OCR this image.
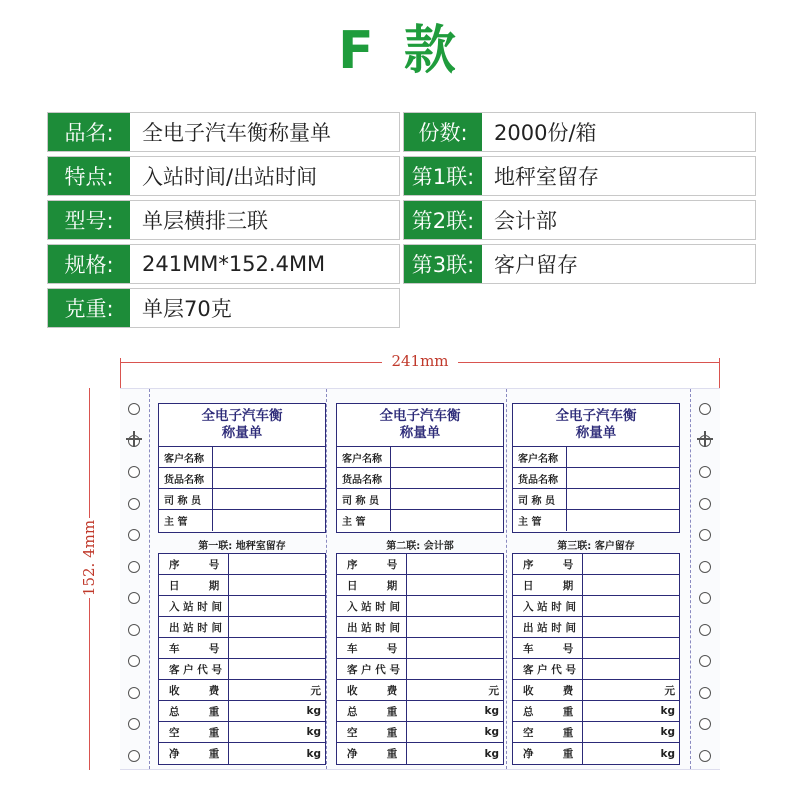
F 款
品名:	全电子汽车衡称量单
特点:	入站时间/出站时间
型号:	单层横排三联
规格:	241MM*152.4MM
克重:	单层70克
份数:	2000份/箱
第1联: 地秤室留存
第2联: 会计部
第3联: 客户留存
241mm
152. 4mm
全电子汽车衡
称量单
客户名称
货品名称
司 称 员
主 管
第一联: 地秤室留存
序        号
日        期
入 站 时 间
出 站 时 间
车        号
客 户 代 号
收        费	元
总        重	kg
空        重	kg
净        重	kg
全电子汽车衡
称量单
客户名称
货品名称
司 称 员
主 管
第二联: 会计部
序        号
日        期
入 站 时 间
出 站 时 间
车        号
客 户 代 号
收        费	元
总        重	kg
空        重	kg
净        重	kg
全电子汽车衡
称量单
客户名称
货品名称
司 称 员
主 管
第三联: 客户留存
序        号
日        期
入 站 时 间
出 站 时 间
车        号
客 户 代 号
收        费	元
总        重	kg
空        重	kg
净        重	kg
